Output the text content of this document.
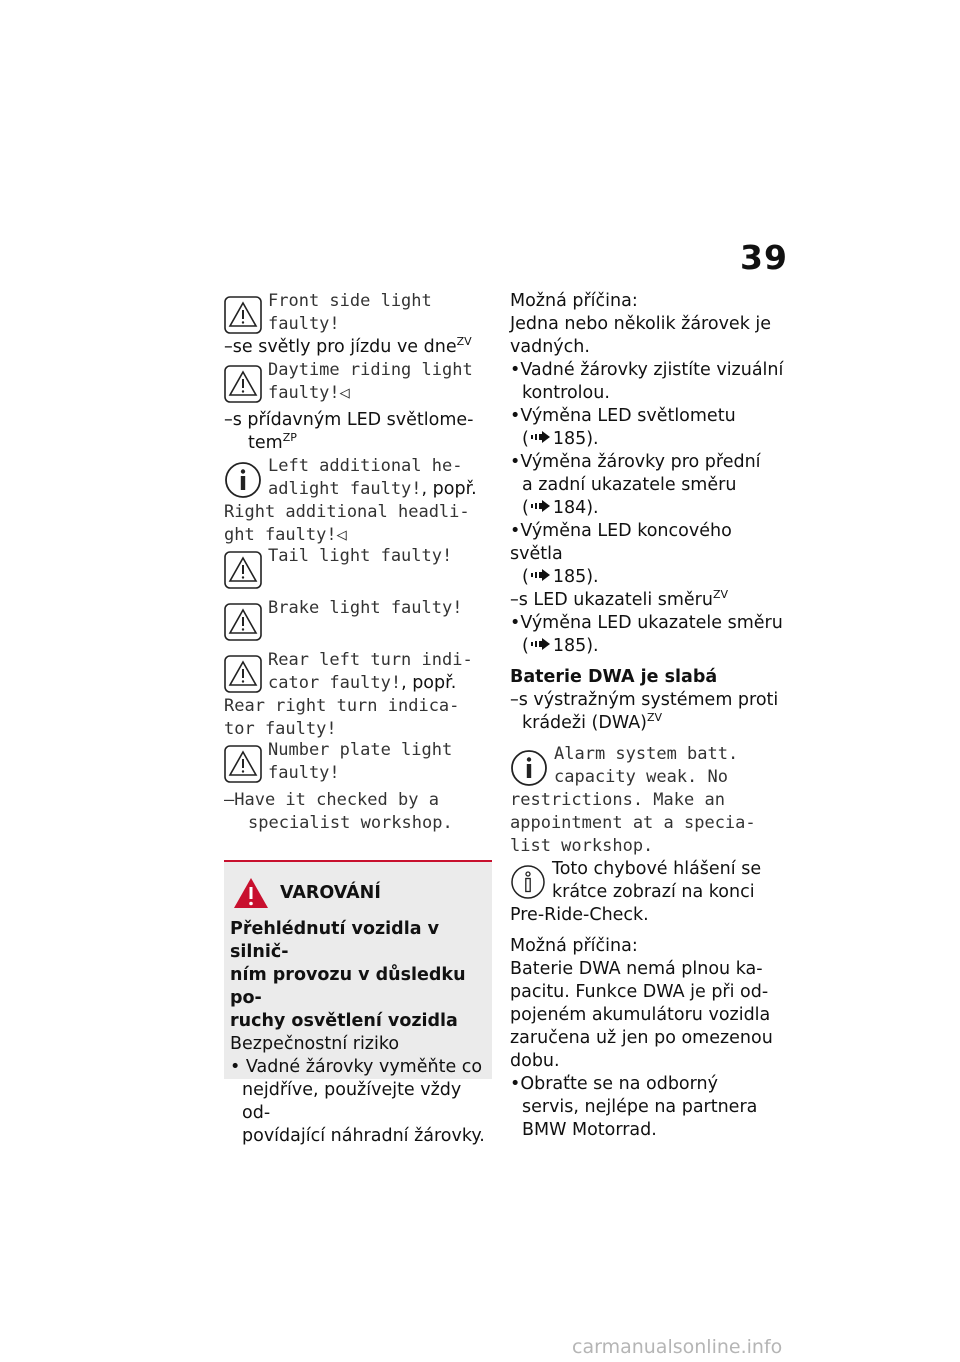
39
Front side light
faulty!
–se světly pro jízdu ve dne$^{ZV}$
Daytime riding light
faulty!◁
–s přídavným LED světlome-
tem$^{ZP}$
Left additional he-
adlight faulty!, popř.
Right additional headli-
ght faulty!◁
Tail light faulty!
Brake light faulty!
Rear left turn indi-
cator faulty!, popř.
Rear right turn indica-
tor faulty!
Number plate light
faulty!
–Have it checked by a
specialist workshop.
VAROVÁNÍ
Přehlédnutí vozidla v silnič-
ním provozu v důsledku po-
ruchy osvětlení vozidla
Bezpečnostní riziko
• Vadné žárovky vyměňte co
nejdříve, používejte vždy od-
povídající náhradní žárovky.
Možná příčina:
Jedna nebo několik žárovek je
vadných.
•Vadné žárovky zjistíte vizuální
kontrolou.
•Výměna LED světlometu
( 185).
•Výměna žárovky pro přední
a zadní ukazatele směru
( 184).
•Výměna LED koncového světla
( 185).
–s LED ukazateli směru$^{ZV}$
•Výměna LED ukazatele směru
( 185).
Baterie DWA je slabá
–s výstražným systémem proti
krádeži (DWA)$^{ZV}$
Alarm system batt.
capacity weak. No
restrictions. Make an
appointment at a specia-
list workshop.
Toto chybové hlášení se
krátce zobrazí na konci
Pre-Ride-Check.
Možná příčina:
Baterie DWA nemá plnou ka-
pacitu. Funkce DWA je při od-
pojeném akumulátoru vozidla
zaručena už jen po omezenou
dobu.
•Obraťte se na odborný
servis, nejlépe na partnera
BMW Motorrad.
carmanualsonline.info
